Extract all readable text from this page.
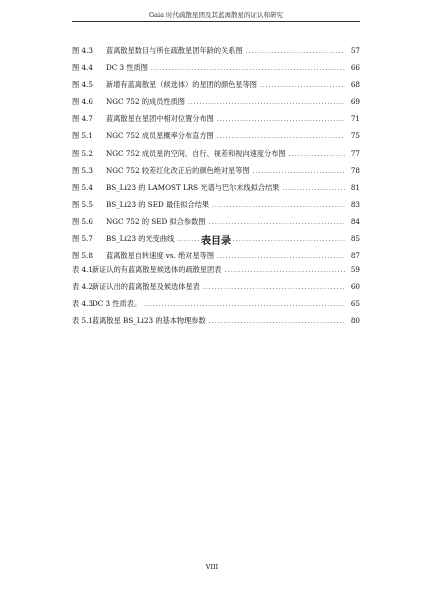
Gaia 时代疏散星团及其蓝离散星的证认和研究
图 4.3	蓝离散星数目与所在疏散星团年龄的关系图 .....	57
图 4.4	DC 3 性质图 .....	66
图 4.5	新增有蓝离散星（候选体）的星团的颜色星等图 .....	68
图 4.6	NGC 752 的成员性质图 .....	69
图 4.7	蓝离散星在星团中相对位置分布图 .....	71
图 5.1	NGC 752 成员星概率分布直方图 .....	75
图 5.2	NGC 752 成员星的空间、自行、视差和视向速度分布图 .....	77
图 5.3	NGC 752 较差红化改正后的颜色绝对星等图 .....	78
图 5.4	BS_Li23 的 LAMOST LRS 光谱与巴尔末线拟合结果 .....	81
图 5.5	BS_Li23 的 SED 最佳拟合结果 .....	83
图 5.6	NGC 752 的 SED 拟合参数图 .....	84
图 5.7	BS_Li23 的光变曲线 .....	85
图 5.8	蓝离散星自转速度 vs. 绝对星等图 .....	87
表目录
表 4.1 新证认的有蓝离散星候选体的疏散星团表 .....	59
表 4.2 新证认出的蓝离散星及候选体星表 .....	60
表 4.3 DC 3 性质表。 .....	65
表 5.1 蓝离散星 BS_Li23 的基本物理参数 .....	80
VIII
